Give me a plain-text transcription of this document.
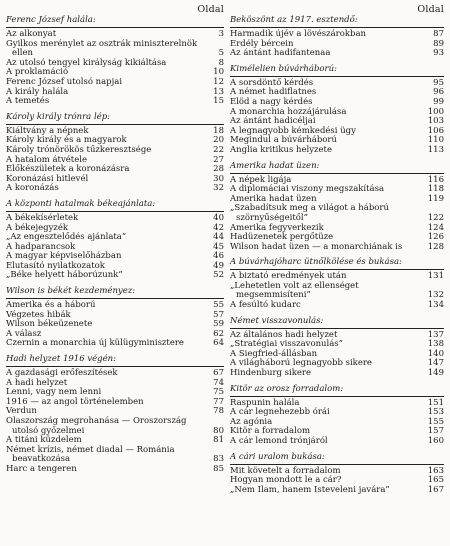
Oldal
Ferenc József halála:
Az alkonyat	3
Gyilkos merénylet az osztrák miniszterelnök ellen	5
Az utolsó tengyel királyság kikiáltása	8
A proklamáció	10
Ferenc József utolsó napjai	12
A király halála	13
A temetés	15
Károly király trónra lép:
Kiáltvány a népnek	18
Károly király és a magyarok	20
Károly trónörökös tűzkeresztsége	22
A hatalom átvétele	27
Előkészületek a koronázásra	28
Koronázási hitlevél	30
A koronázás	32
A központi hatalmak békeajánlata:
A békekísérletek	40
A békejegyzék	42
„Az engesztelődés ajánlata”	44
A hadparancsok	45
A magyar képviselőházban	46
Elutasító nyilatkozatok	49
„Béke helyett háborúzunk”	52
Wilson is békét kezdeményez:
Amerika és a háború	55
Végzetes hibák	57
Wilson békeüzenete	59
A válasz	62
Czernin a monarchia új külügyminisztere	64
Hadi helyzet 1916 végén:
A gazdasági erőfeszítések	67
A hadi helyzet	74
Lenni, vagy nem lenni	75
1916 — az angol történelemben	77
Verdun	78
Olaszország megrohanása — Oroszország utolsó győzelmei	80
A titáni küzdelem	81
Német krízis, német diadal — Románia beavatkozása	83
Harc a tengeren	85
Oldal
Beköszönt az 1917. esztendő:
Harmadik újév a lövészárokban	87
Erdély bércein	89
Az ántánt hadifantenaa	93
Kimélelien búvárháború:
A sorsdöntő kérdés	95
A német hadiflatnes	96
Elöd a nagy kérdés	99
A monarchia hozzájárulása	100
Az ántánt hadicéljai	103
A legnagyobb kémkedési ügy	106
Megindul a búvárháború	110
Anglia kritikus helyzete	113
Amerika hadat üzen:
A népek ligája	116
A diplomáciai viszony megszakítása	118
Amerika hadat üzen	119
„Szabadítsuk meg a világot a háború szörnyűségeitől”	122
Amerika fegyverkezik	124
Hadüzenetek pergőtüze	126
Wilson hadat üzen — a monarchiának is	128
A búvárhajóharc ütnőlkölése és bukása:
A biztató eredmények után	131
„Lehetetlen volt az ellenséget megsemmisíteni”	132
A fesúltó kudarc	134
Német visszavonulás:
Az általános hadi helyzet	137
„Stratégiai visszavonulás”	138
A Siegfried-állásban	140
A világháború legnagyobb sikere	147
Hindenburg sikere	149
Kitör az orosz forradalom:
Raspunin halála	151
A cár legnehezebb órái	153
Az agónia	155
Kitör a forradalom	157
A cár lemond trónjáról	160
A cári uralom bukása:
Mit követelt a forradalom	163
Hogyan mondott le a cár?	165
„Nem Ilam, hanem Isteveleni javára”	167
